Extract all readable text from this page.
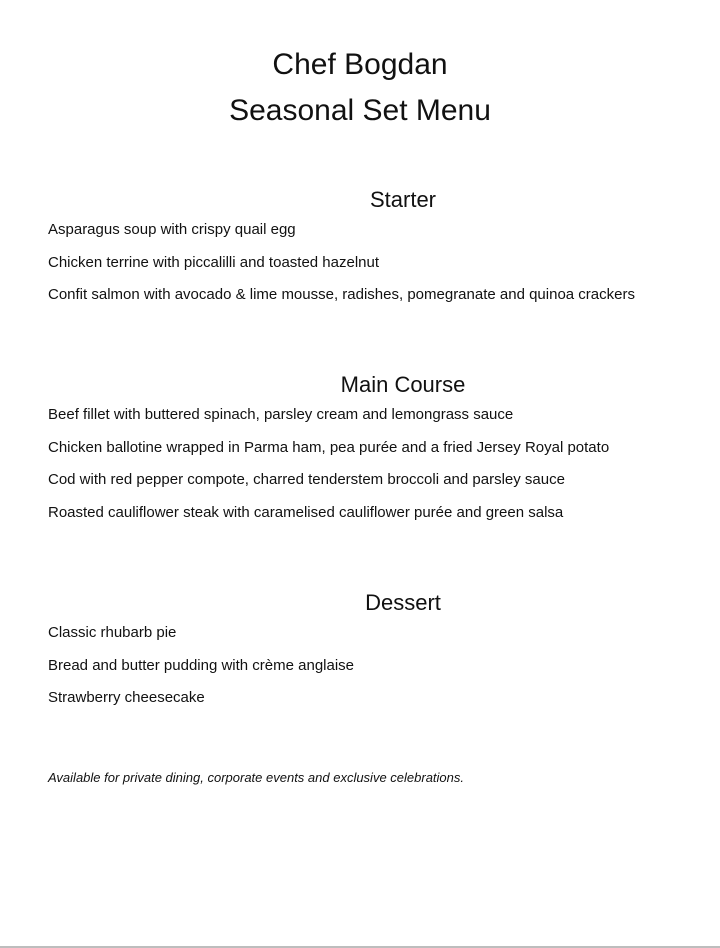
Chef Bogdan
Seasonal Set Menu
Starter
Asparagus soup with crispy quail egg
Chicken terrine with piccalilli and toasted hazelnut
Confit salmon with avocado & lime mousse, radishes, pomegranate and quinoa crackers
Main Course
Beef fillet with buttered spinach, parsley cream and lemongrass sauce
Chicken ballotine wrapped in Parma ham, pea purée and a fried Jersey Royal potato
Cod with red pepper compote, charred tenderstem broccoli and parsley sauce
Roasted cauliflower steak with caramelised cauliflower purée and green salsa
Dessert
Classic rhubarb pie
Bread and butter pudding with crème anglaise
Strawberry cheesecake

Available for private dining, corporate events and exclusive celebrations.
